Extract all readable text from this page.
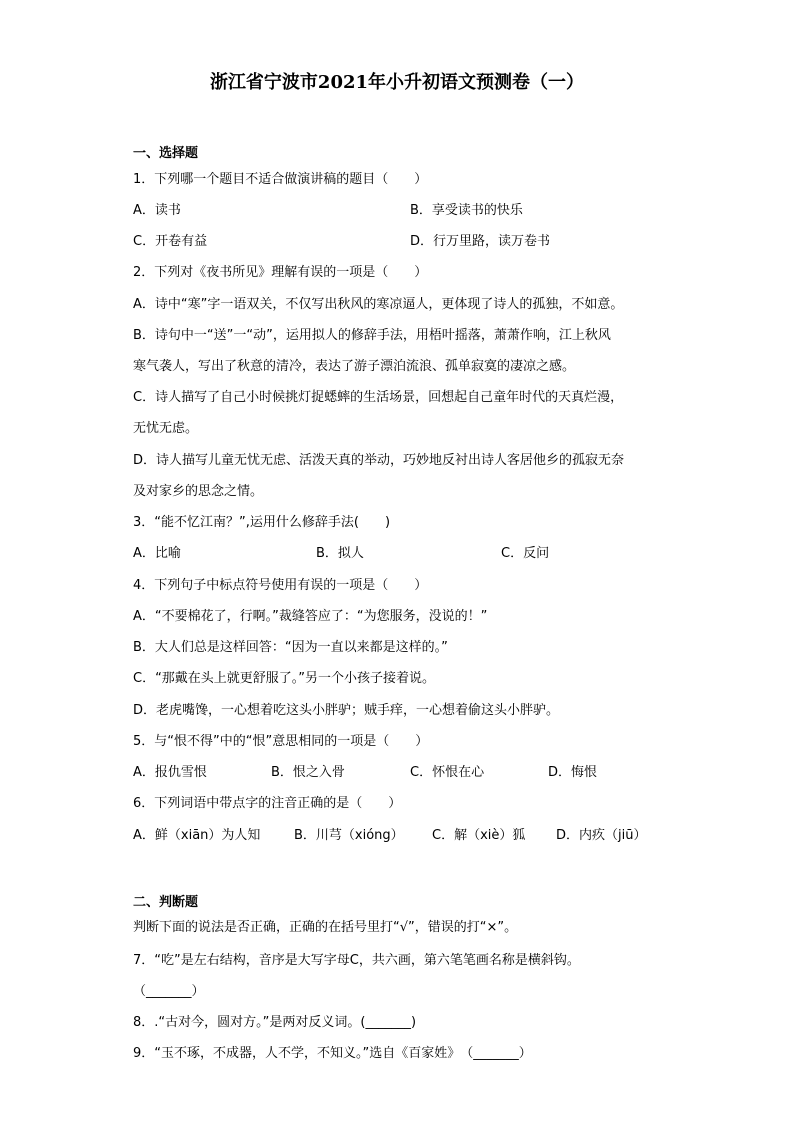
浙江省宁波市2021年小升初语文预测卷（一）
一、选择题
1．下列哪一个题目不适合做演讲稿的题目（　　）
A．读书	B．享受读书的快乐
C．开卷有益	D．行万里路，读万卷书
2．下列对《夜书所见》理解有误的一项是（　　）
A．诗中“寒”字一语双关，不仅写出秋风的寒凉逼人，更体现了诗人的孤独，不如意。
B．诗句中一“送”一“动”，运用拟人的修辞手法，用梧叶摇落，萧萧作响，江上秋风
寒气袭人，写出了秋意的清冷，表达了游子漂泊流浪、孤单寂寞的凄凉之感。
C．诗人描写了自己小时候挑灯捉蟋蟀的生活场景，回想起自己童年时代的天真烂漫，
无忧无虑。
D．诗人描写儿童无忧无虑、活泼天真的举动，巧妙地反衬出诗人客居他乡的孤寂无奈
及对家乡的思念之情。
3．“能不忆江南？”,运用什么修辞手法(　　)
A．比喻	B．拟人	C．反问
4．下列句子中标点符号使用有误的一项是（　　）
A．“不要棉花了，行啊。”裁缝答应了：“为您服务，没说的！”
B．大人们总是这样回答：“因为一直以来都是这样的。”
C．“那戴在头上就更舒服了。”另一个小孩子接着说。
D．老虎嘴馋，一心想着吃这头小胖驴；贼手痒，一心想着偷这头小胖驴。
5．与“恨不得”中的“恨”意思相同的一项是（　　）
A．报仇雪恨	B．恨之入骨	C．怀恨在心	D．悔恨
6．下列词语中带点字的注音正确的是（　　）
A．鲜（xiān）为人知	B．川芎（xióng） C．解（xiè）狐 D．内疚（jiū）
二、判断题
判断下面的说法是否正确，正确的在括号里打“√”，错误的打“×”。
7．“吃”是左右结构，音序是大写字母C，共六画，第六笔笔画名称是横斜钩。
（_______）
8．.“古对今，圆对方。”是两对反义词。(_______)
9．“玉不琢，不成器，人不学，不知义。”选自《百家姓》　（_______）
